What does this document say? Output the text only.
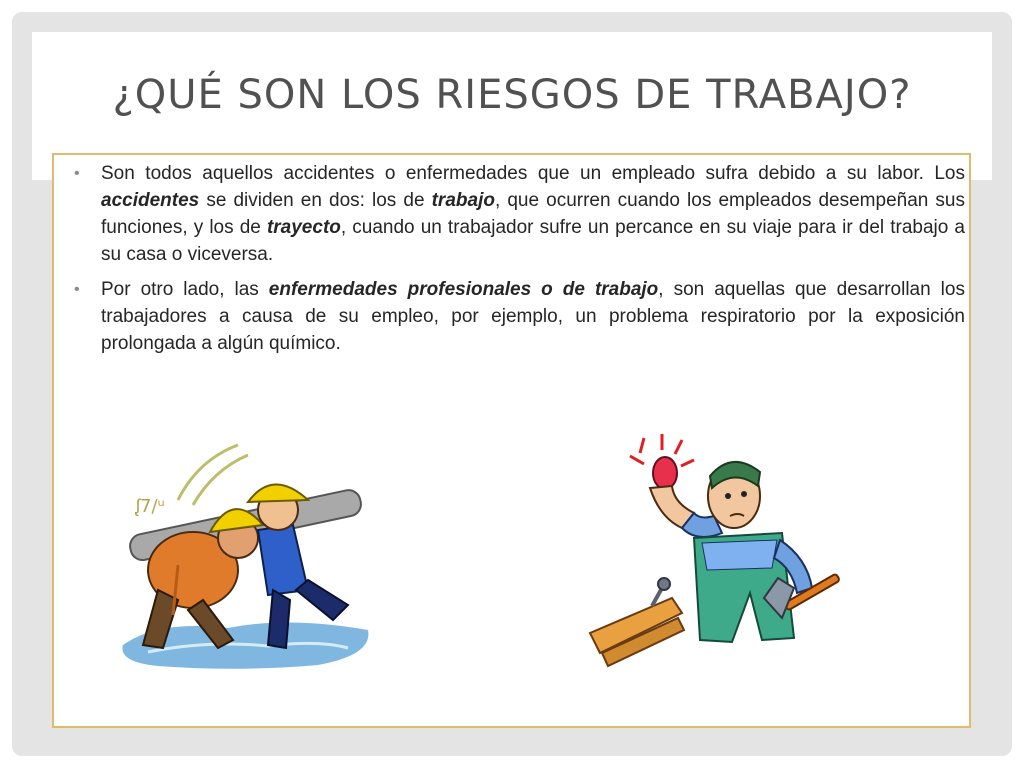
¿QUÉ SON LOS RIESGOS DE TRABAJO?
• Son todos aquellos accidentes o enfermedades que un empleado sufra debido a su labor. Los accidentes se dividen en dos: los de trabajo, que ocurren cuando los empleados desempeñan sus funciones, y los de trayecto, cuando un trabajador sufre un percance en su viaje para ir del trabajo a su casa o viceversa.
• Por otro lado, las enfermedades profesionales o de trabajo, son aquellas que desarrollan los trabajadores a causa de su empleo, por ejemplo, un problema respiratorio por la exposición prolongada a algún químico.
ᶘ7/ᵘ
